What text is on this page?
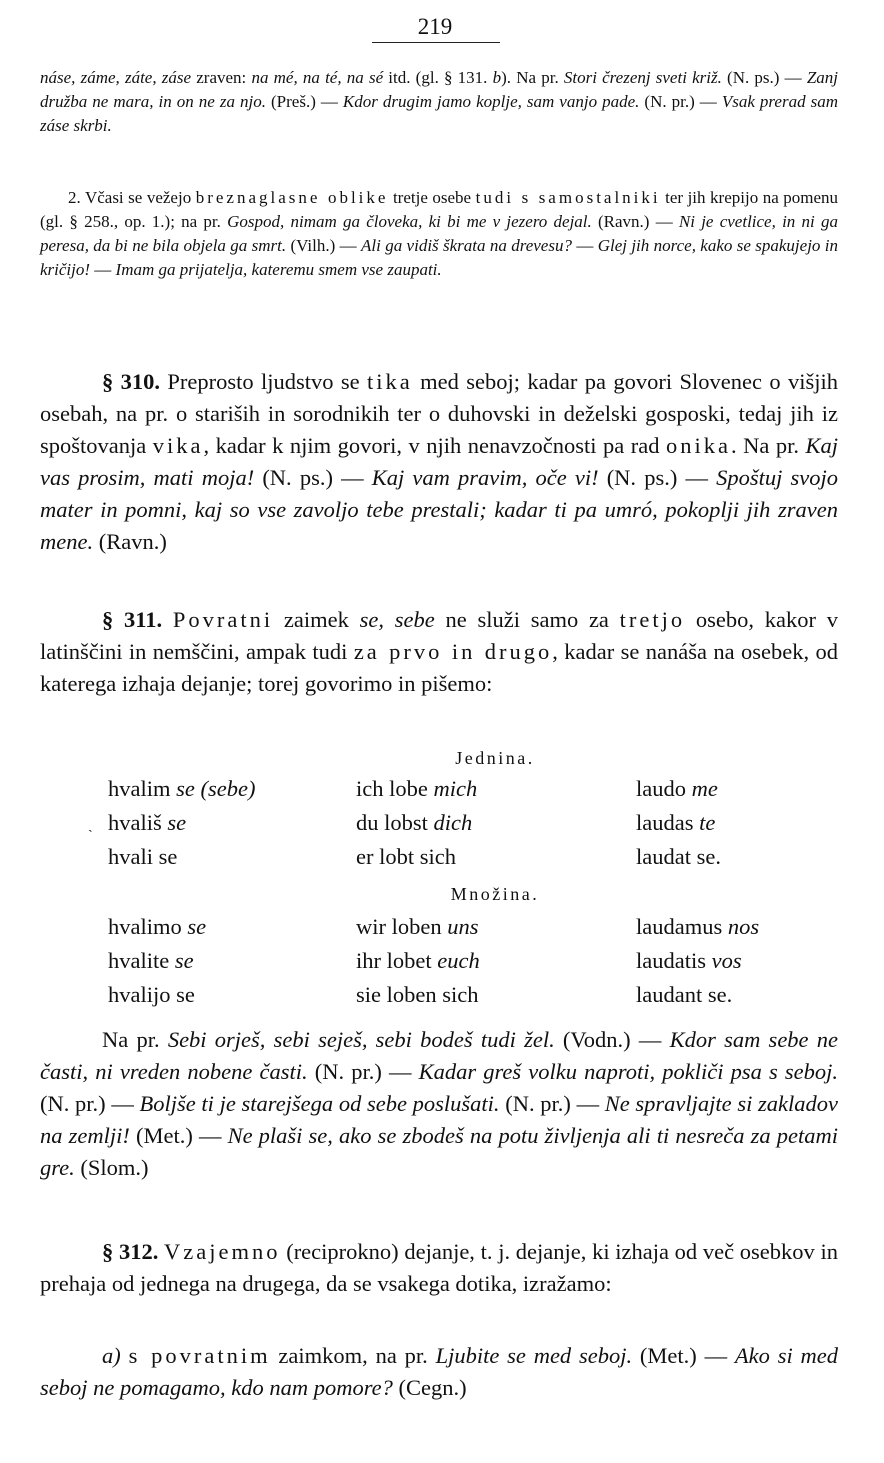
219

náse, záme, záte, záse zraven: na mé, na té, na sé itd. (gl. § 131. b). Na pr. Stori črezenj sveti križ. (N. ps.) — Zanj družba ne mara, in on ne za njo. (Preš.) — Kdor drugim jamo koplje, sam vanjo pade. (N. pr.) — Vsak prerad sam záse skrbi.

2. Včasi se vežejo breznaglasne oblike tretje osebe tudi s samostalniki ter jih krepijo na pomenu (gl. § 258., op. 1.); na pr. Gospod, nimam ga človeka, ki bi me v jezero dejal. (Ravn.) — Ni je cvetlice, in ni ga peresa, da bi ne bila objela ga smrt. (Vilh.) — Ali ga vidiš škrata na drevesu? — Glej jih norce, kako se spakujejo in kričijo! — Imam ga prijatelja, kateremu smem vse zaupati.

§ 310. Preprosto ljudstvo se tika med seboj; kadar pa govori Slovenec o višjih osebah, na pr. o stariših in sorodnikih ter o duhovski in deželski gosposki, tedaj jih iz spoštovanja vika, kadar k njim govori, v njih nenavzočnosti pa rad onika. Na pr. Kaj vas prosim, mati moja! (N. ps.) — Kaj vam pravim, oče vi! (N. ps.) — Spoštuj svojo mater in pomni, kaj so vse zavoljo tebe prestali; kadar ti pa umró, pokoplji jih zraven mene. (Ravn.)

§ 311. Povratni zaimek se, sebe ne služi samo za tretjo osebo, kakor v latinščini in nemščini, ampak tudi za prvo in drugo, kadar se nanáša na osebek, od katerega izhaja dejanje; torej govorimo in pišemo:

Jednina.
hvalim se (sebe)	ich lobe mich	laudo me
hvališ se	du lobst dich	laudas te
hvali se	er lobt sich	laudat se.
ˎ
Množina.
hvalimo se	wir loben uns	laudamus nos
hvalite se	ihr lobet euch	laudatis vos
hvalijo se	sie loben sich	laudant se.

Na pr. Sebi orješ, sebi seješ, sebi bodeš tudi žel. (Vodn.) — Kdor sam sebe ne časti, ni vreden nobene časti. (N. pr.) — Kadar greš volku naproti, pokliči psa s seboj. (N. pr.) — Boljše ti je starejšega od sebe poslušati. (N. pr.) — Ne spravljajte si zakladov na zemlji! (Met.) — Ne plaši se, ako se zbodeš na potu življenja ali ti nesreča za petami gre. (Slom.)

§ 312. Vzajemno (reciprokno) dejanje, t. j. dejanje, ki izhaja od več osebkov in prehaja od jednega na drugega, da se vsakega dotika, izražamo:

a) s povratnim zaimkom, na pr. Ljubite se med seboj. (Met.) — Ako si med seboj ne pomagamo, kdo nam pomore? (Cegn.)
